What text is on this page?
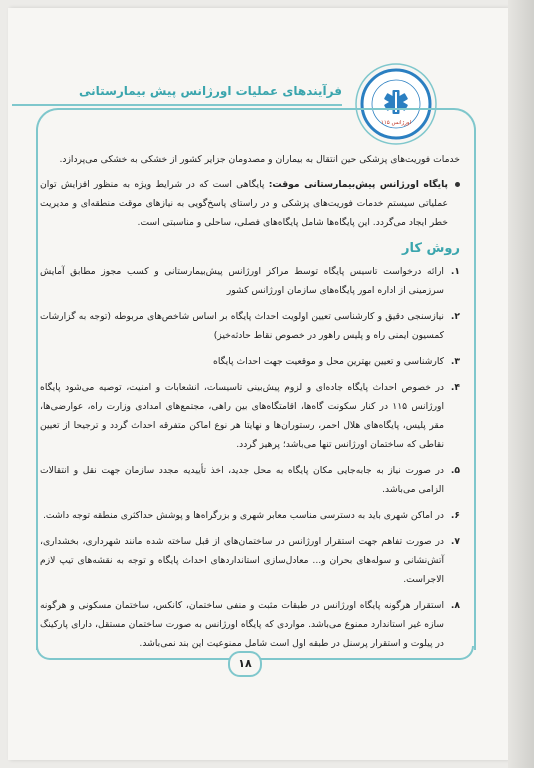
فرآیندهای عملیات اورژانس پیش بیمارستانی
اورژانس ۱۱۵

خدمات فوریت‌های پزشکی حین انتقال به بیماران و مصدومان جزایر کشور از خشکی به خشکی می‌پردازد.

پایگاه اورژانس پیش‌بیمارستانی موقت: پایگاهی است که در شرایط ویژه به منظور افزایش توان عملیاتی سیستم خدمات فوریت‌های پزشکی و در راستای پاسخ‌گویی به نیازهای موقت منطقه‌ای و مدیریت خطر ایجاد می‌گردد. این پایگاه‌ها شامل پایگاه‌های فصلی، ساحلی و مناسبتی است.

روش کار

۱.
ارائه درخواست تاسیس پایگاه توسط مراکز اورژانس پیش‌بیمارستانی و کسب مجوز مطابق آمایش سرزمینی از اداره امور پایگاه‌های سازمان اورژانس کشور
۲.
نیازسنجی دقیق و کارشناسی تعیین اولویت احداث پایگاه بر اساس شاخص‌های مربوطه (توجه به گزارشات کمسیون ایمنی راه و پلیس راهور در خصوص نقاط حادثه‌خیز)
۳.
کارشناسی و تعیین بهترین محل و موقعیت جهت احداث پایگاه
۴.
در خصوص احداث پایگاه جاده‌ای و لزوم پیش‌بینی تاسیسات، انشعابات و امنیت، توصیه می‌شود پایگاه اورژانس ۱۱۵ در کنار سکونت گاه‌ها، اقامتگاه‌های بین راهی، مجتمع‌های امدادی وزارت راه، عوارضی‌ها، مقر پلیس، پایگاه‌های هلال احمر، رستوران‌ها و نهایتا هر نوع اماکن متفرقه احداث گردد و ترجیحا از تعیین نقاطی که ساختمان اورژانس تنها می‌باشد؛ پرهیز گردد.
۵.
در صورت نیاز به جابه‌جایی مکان پایگاه به محل جدید، اخذ تأییدیه مجدد سازمان جهت نقل و انتقالات الزامی می‌باشد.
۶.
در اماکن شهری باید به دسترسی مناسب معابر شهری و بزرگراه‌ها و پوشش حداکثری منطقه توجه داشت.
۷.
در صورت تفاهم جهت استقرار اورژانس در ساختمان‌های از قبل ساخته شده مانند شهرداری، بخشداری، آتش‌نشانی و سوله‌های بحران و... معادل‌سازی استانداردهای احداث پایگاه و توجه به نقشه‌های تیپ لازم الاجراست.
۸.
استقرار هرگونه پایگاه اورژانس در طبقات مثبت و منفی ساختمان، کانکس، ساختمان مسکونی و هرگونه سازه غیر استاندارد ممنوع می‌باشد. مواردی که پایگاه اورژانس به صورت ساختمان مستقل، دارای پارکینگ در پیلوت و استقرار پرسنل در طبقه اول است شامل ممنوعیت این بند نمی‌باشد.
۱۸
